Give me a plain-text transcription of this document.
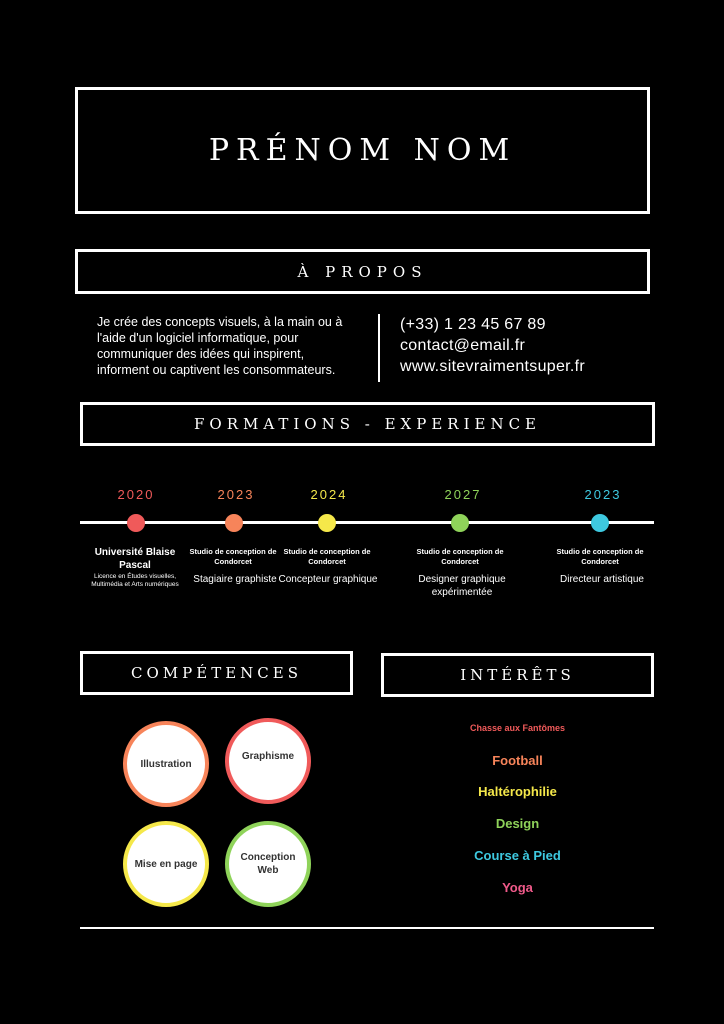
PRÉNOM NOM
À PROPOS
Je crée des concepts visuels, à la main ou à l'aide d'un logiciel informatique, pour communiquer des idées qui inspirent, informent ou captivent les consommateurs.
(+33) 1 23 45 67 89
contact@email.fr
www.sitevraimentsuper.fr
FORMATIONS - EXPERIENCE
2020
Université Blaise Pascal
Licence en Études visuelles, Multimédia et Arts numériques
2023
Studio de conception de Condorcet
Stagiaire graphiste
2024
Studio de conception de Condorcet
Concepteur graphique
2027
Studio de conception de Condorcet
Designer graphique expérimentée
2023
Studio de conception de Condorcet
Directeur artistique
COMPÉTENCES
Illustration
Graphisme
Mise en page
Conception Web
INTÉRÊTS
Chasse aux Fantômes
Football
Haltérophilie
Design
Course à Pied
Yoga
